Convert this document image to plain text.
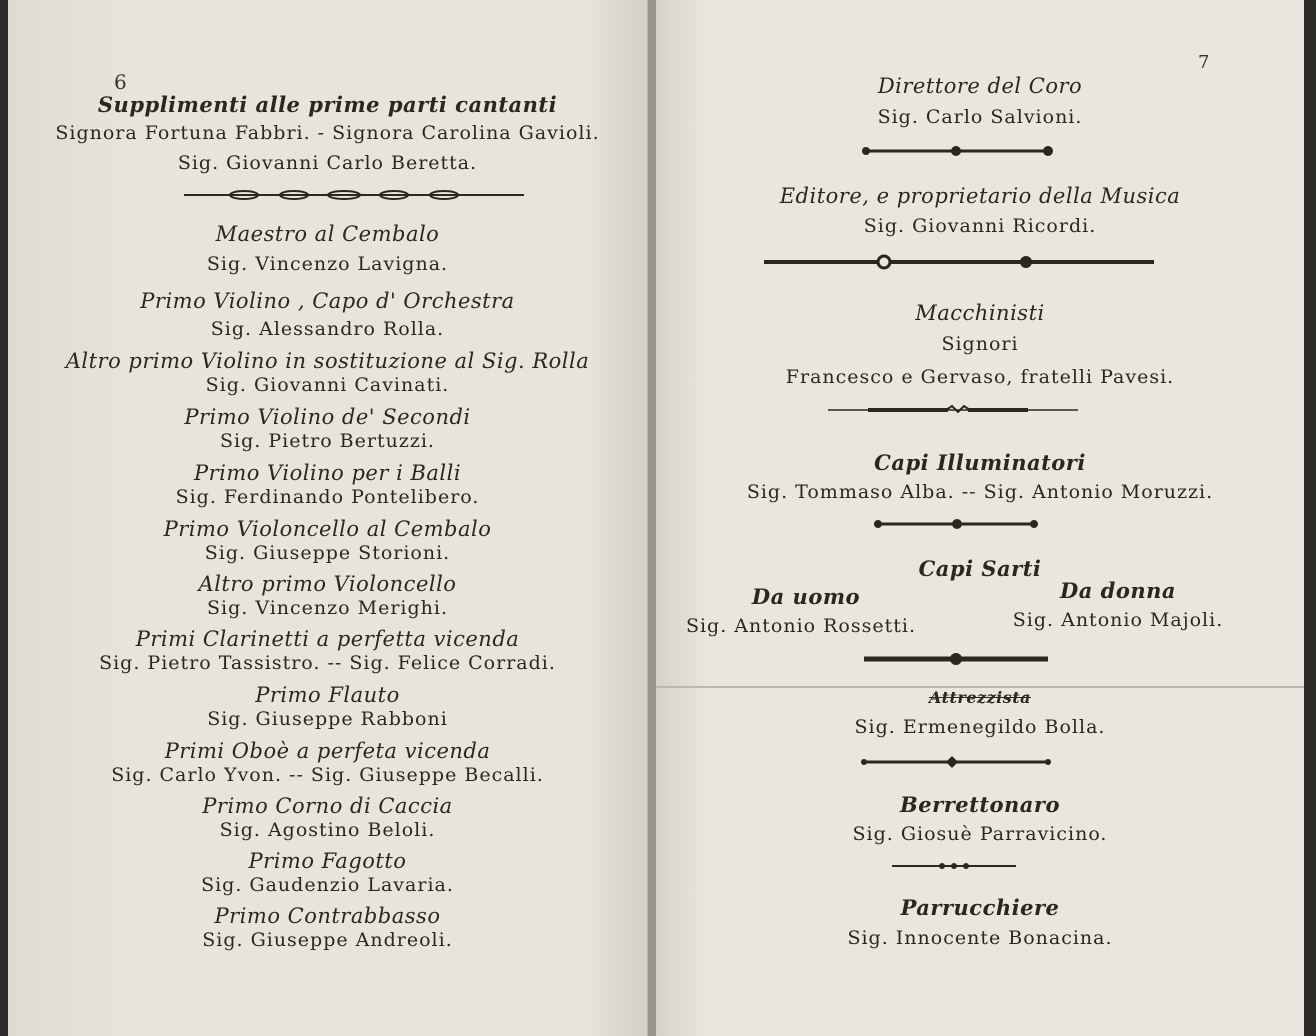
6
Supplimenti alle prime parti cantanti
Signora Fortuna Fabbri. - Signora Carolina Gavioli.
Sig. Giovanni Carlo Beretta.
Maestro al Cembalo
Sig. Vincenzo Lavigna.
Primo Violino , Capo d' Orchestra
Sig. Alessandro Rolla.
Altro primo Violino in sostituzione al Sig. Rolla
Sig. Giovanni Cavinati.
Primo Violino de' Secondi
Sig. Pietro Bertuzzi.
Primo Violino per i Balli
Sig. Ferdinando Pontelibero.
Primo Violoncello al Cembalo
Sig. Giuseppe Storioni.
Altro primo Violoncello
Sig. Vincenzo Merighi.
Primi Clarinetti a perfetta vicenda
Sig. Pietro Tassistro. -- Sig. Felice Corradi.
Primo Flauto
Sig. Giuseppe Rabboni
Primi Oboè a perfeta vicenda
Sig. Carlo Yvon. -- Sig. Giuseppe Becalli.
Primo Corno di Caccia
Sig. Agostino Beloli.
Primo Fagotto
Sig. Gaudenzio Lavaria.
Primo Contrabbasso
Sig. Giuseppe Andreoli.
7
Direttore del Coro
Sig. Carlo Salvioni.
Editore, e proprietario della Musica
Sig. Giovanni Ricordi.
Macchinisti
Signori
Francesco e Gervaso, fratelli Pavesi.
Capi Illuminatori
Sig. Tommaso Alba. -- Sig. Antonio Moruzzi.
Capi Sarti
Da uomo
Sig. Antonio Rossetti.
Da donna
Sig. Antonio Majoli.
Attrezzista
Sig. Ermenegildo Bolla.
Berrettonaro
Sig. Giosuè Parravicino.
Parrucchiere
Sig. Innocente Bonacina.
